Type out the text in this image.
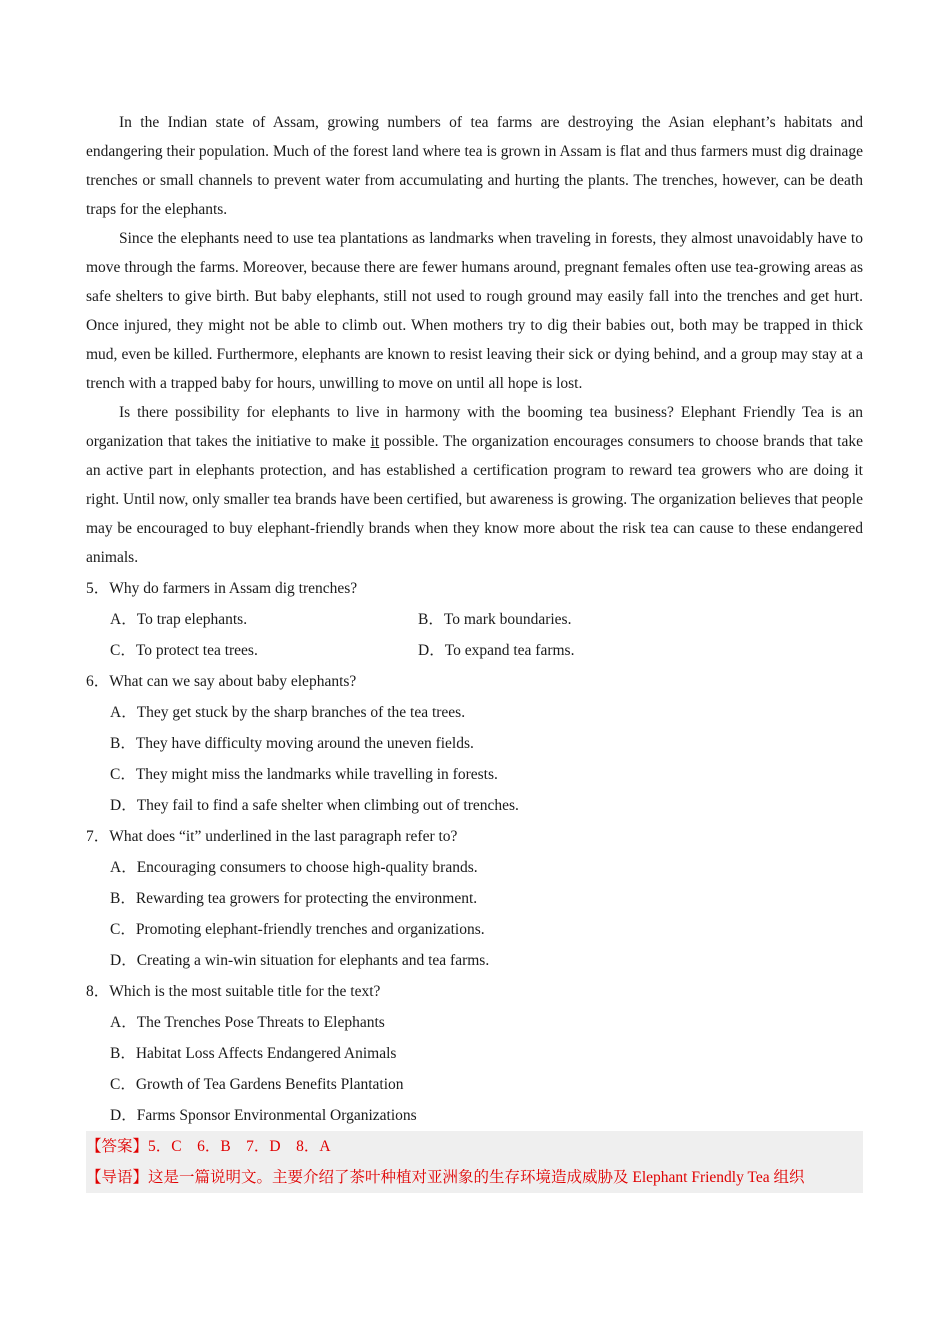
In the Indian state of Assam, growing numbers of tea farms are destroying the Asian elephant’s habitats and endangering their population. Much of the forest land where tea is grown in Assam is flat and thus farmers must dig drainage trenches or small channels to prevent water from accumulating and hurting the plants. The trenches, however, can be death traps for the elephants.

Since the elephants need to use tea plantations as landmarks when traveling in forests, they almost unavoidably have to move through the farms. Moreover, because there are fewer humans around, pregnant females often use tea-growing areas as safe shelters to give birth. But baby elephants, still not used to rough ground may easily fall into the trenches and get hurt. Once injured, they might not be able to climb out. When mothers try to dig their babies out, both may be trapped in thick mud, even be killed. Furthermore, elephants are known to resist leaving their sick or dying behind, and a group may stay at a trench with a trapped baby for hours, unwilling to move on until all hope is lost.

Is there possibility for elephants to live in harmony with the booming tea business? Elephant Friendly Tea is an organization that takes the initiative to make it possible. The organization encourages consumers to choose brands that take an active part in elephants protection, and has established a certification program to reward tea growers who are doing it right. Until now, only smaller tea brands have been certified, but awareness is growing. The organization believes that people may be encouraged to buy elephant-friendly brands when they know more about the risk tea can cause to these endangered animals.

5．Why do farmers in Assam dig trenches?
A．To trap elephants.	B．To mark boundaries.
C．To protect tea trees.	D．To expand tea farms.
6．What can we say about baby elephants?
A．They get stuck by the sharp branches of the tea trees.
B．They have difficulty moving around the uneven fields.
C．They might miss the landmarks while travelling in forests.
D．They fail to find a safe shelter when climbing out of trenches.
7．What does “it” underlined in the last paragraph refer to?
A．Encouraging consumers to choose high-quality brands.
B．Rewarding tea growers for protecting the environment.
C．Promoting elephant-friendly trenches and organizations.
D．Creating a win-win situation for elephants and tea farms.
8．Which is the most suitable title for the text?
A．The Trenches Pose Threats to Elephants
B．Habitat Loss Affects Endangered Animals
C．Growth of Tea Gardens Benefits Plantation
D．Farms Sponsor Environmental Organizations
【答案】5．C　6．B　7．D　8．A
【导语】这是一篇说明文。主要介绍了茶叶种植对亚洲象的生存环境造成威胁及 Elephant Friendly Tea 组织
